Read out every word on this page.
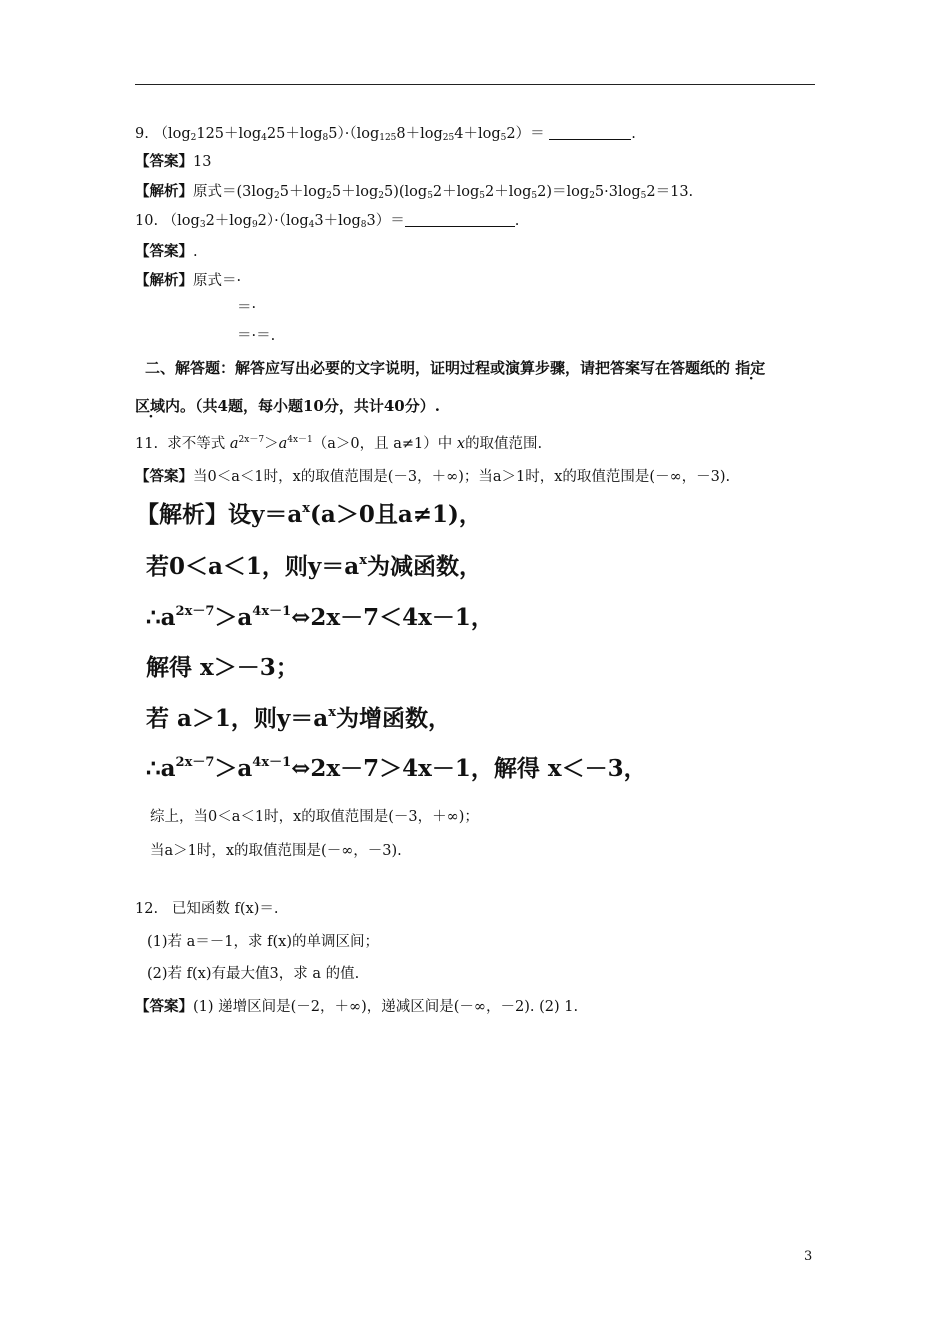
9. $(\log_2125+\log_425+\log_85)\cdot(\log_{125}8+\log_{25}4+\log_52)=$	.
【答案】13
【解析】原式$=(3\log_25+\log_25+\log_25)(\log_52+\log_52+\log_52)=\log_25\cdot 3\log_52=13$.
10. $(\log_32+\log_92)\cdot(\log_43+\log_83)=$	.
【答案】.
【解析】原式＝·
＝·
＝·＝.
二、解答题：解答应写出必要的文字说明，证明过程或演算步骤，请把答案写在答题纸的 指定
区域内。（共4题，每小题10分，共计40分）.
11. 求不等式 $a^{2x-7}>a^{4x-1}(a>0$，且 a≠1）中 x的取值范围.
【答案】当0＜a＜1时，x的取值范围是(－3，＋∞)；当a＞1时，x的取值范围是(－∞，－3).
【解析】设$y=a^x(a>0$且a≠1)，
若0＜a＜1，则$y=a^x$为减函数，
$\therefore a^{2x-7}>a^{4x-1}\Leftrightarrow 2x-7<4x-1$，
解得 x＞－3；
若 a＞1，则$y=a^x$为增函数，
$\therefore a^{2x-7}>a^{4x-1}\Leftrightarrow 2x-7>4x-1$，解得 x＜－3，
综上，当0＜a＜1时，x的取值范围是(－3，＋∞)；
当a＞1时，x的取值范围是(－∞，－3).
12. 已知函数 f(x)＝.
(1)若 a＝－1，求 f(x)的单调区间；
(2)若 f(x)有最大值3，求 a 的值.
【答案】(1) 递增区间是(－2，＋∞)，递减区间是(－∞，－2). (2) 1.
3
